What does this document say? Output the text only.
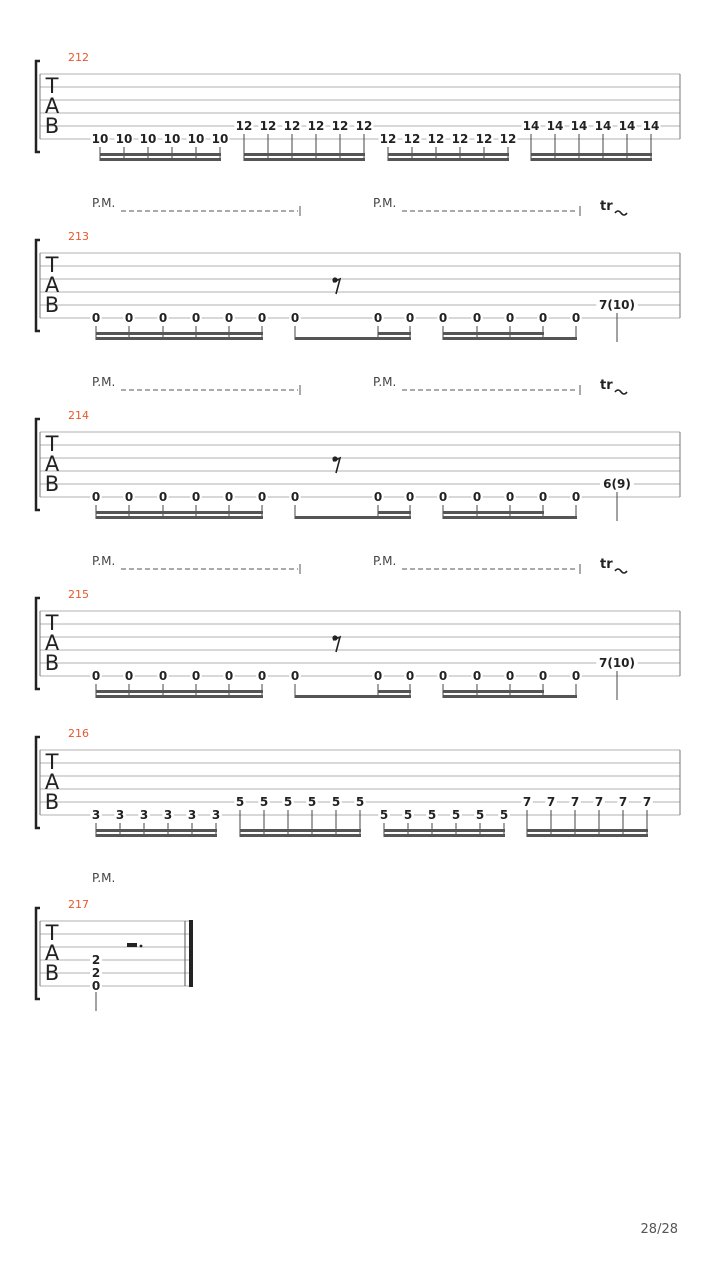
T
A
B
212
10 10 10 10 10 10
12 12 12 12 12 12
12 12 12 12 12 12
14 14 14 14 14 14
T
A
B
213
0 0 0 0 0 0 0	0 0 0 0 0 0 0
7(10)
T
A
B
214
0 0 0 0 0 0 0	0 0 0 0 0 0 0
6(9)
T
A
B
215
0 0 0 0 0 0 0	0 0 0 0 0 0 0
7(10)
T
A
B
216
3 3 3 3 3 3
5 5 5 5 5 5
5 5 5 5 5 5
7 7 7 7 7 7
T
A
B
217
P.M.
2
2
0
P.M.	P.M.	tr
P.M.	P.M.	tr
P.M.	P.M.	tr
28/28
